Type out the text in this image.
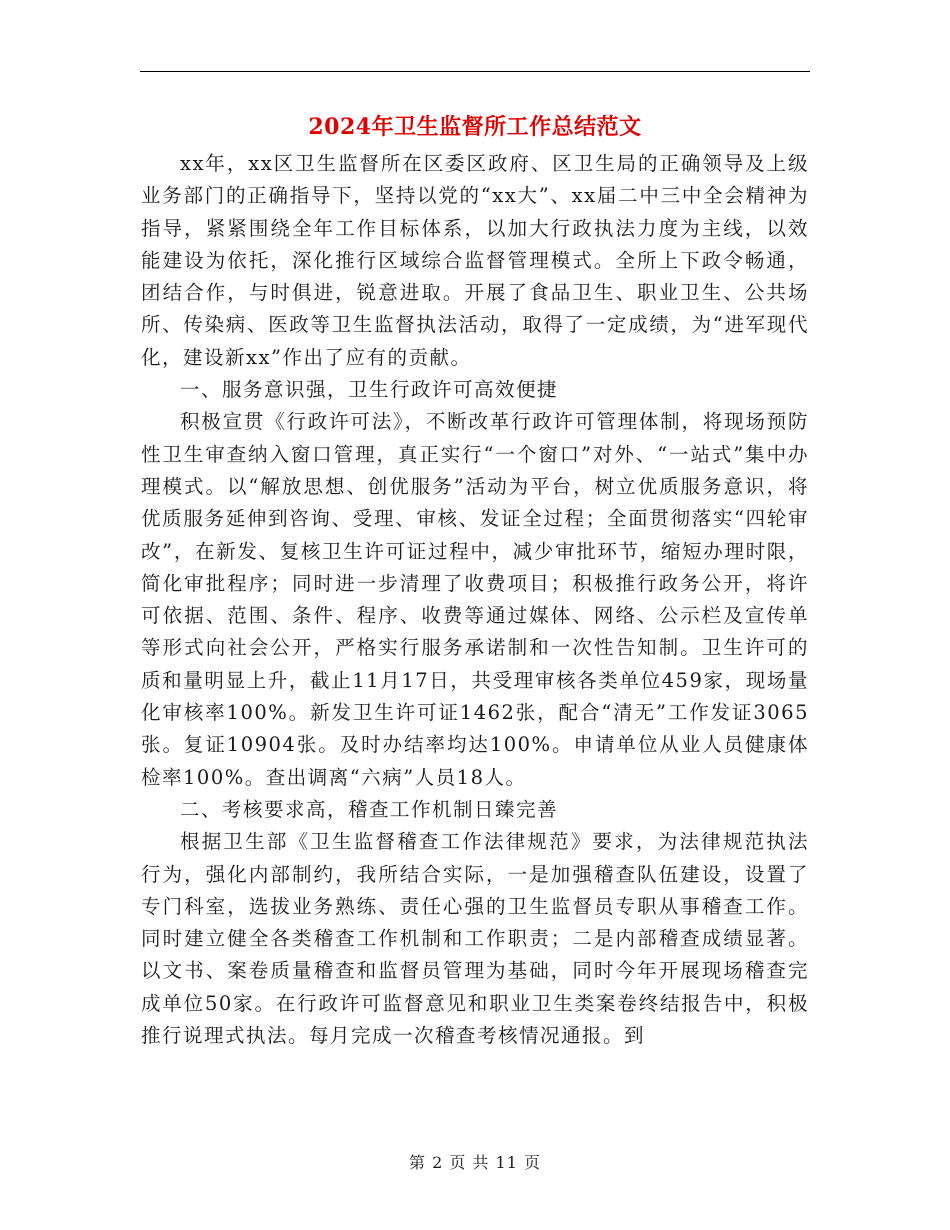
2024年卫生监督所工作总结范文

xx年，xx区卫生监督所在区委区政府、区卫生局的正确领导及上级业务部门的正确指导下，坚持以党的“xx大”、xx届二中三中全会精神为指导，紧紧围绕全年工作目标体系，以加大行政执法力度为主线，以效能建设为依托，深化推行区域综合监督管理模式。全所上下政令畅通，团结合作，与时俱进，锐意进取。开展了食品卫生、职业卫生、公共场所、传染病、医政等卫生监督执法活动，取得了一定成绩，为“进军现代化，建设新xx”作出了应有的贡献。

一、服务意识强，卫生行政许可高效便捷

积极宣贯《行政许可法》，不断改革行政许可管理体制，将现场预防性卫生审查纳入窗口管理，真正实行“一个窗口”对外、“一站式”集中办理模式。以“解放思想、创优服务”活动为平台，树立优质服务意识，将优质服务延伸到咨询、受理、审核、发证全过程；全面贯彻落实“四轮审改”，在新发、复核卫生许可证过程中，减少审批环节，缩短办理时限，简化审批程序；同时进一步清理了收费项目；积极推行政务公开，将许可依据、范围、条件、程序、收费等通过媒体、网络、公示栏及宣传单等形式向社会公开，严格实行服务承诺制和一次性告知制。卫生许可的质和量明显上升，截止11月17日，共受理审核各类单位459家，现场量化审核率100%。新发卫生许可证1462张，配合“清无”工作发证3065张。复证10904张。及时办结率均达100%。申请单位从业人员健康体检率100%。查出调离“六病”人员18人。

二、考核要求高，稽查工作机制日臻完善

根据卫生部《卫生监督稽查工作法律规范》要求，为法律规范执法行为，强化内部制约，我所结合实际，一是加强稽查队伍建设，设置了专门科室，选拔业务熟练、责任心强的卫生监督员专职从事稽查工作。同时建立健全各类稽查工作机制和工作职责；二是内部稽查成绩显著。以文书、案卷质量稽查和监督员管理为基础，同时今年开展现场稽查完成单位50家。在行政许可监督意见和职业卫生类案卷终结报告中，积极推行说理式执法。每月完成一次稽查考核情况通报。到

第 2 页 共 11 页
